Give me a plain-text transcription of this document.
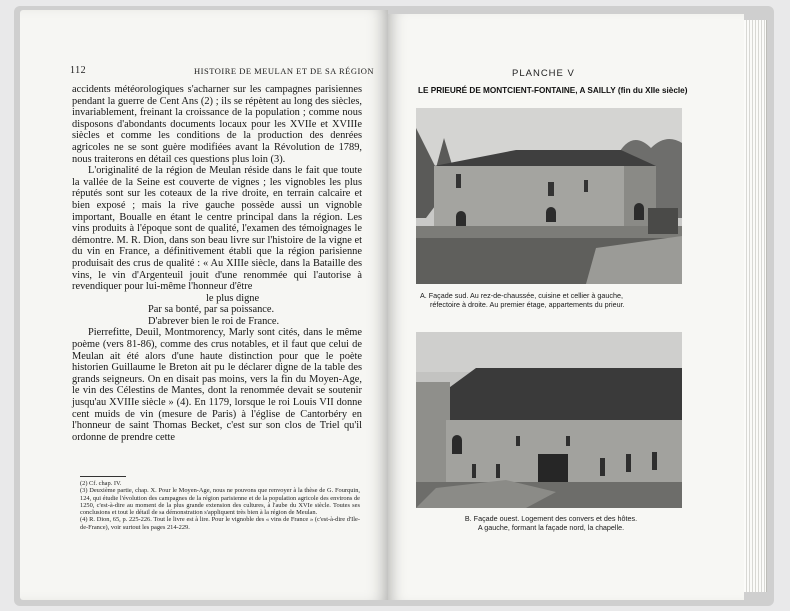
112	HISTOIRE DE MEULAN ET DE SA RÉGION

accidents météorologiques s'acharner sur les campagnes parisiennes pendant la guerre de Cent Ans (2) ; ils se répètent au long des siècles, invariablement, freinant la croissance de la population ; comme nous disposons d'abondants documents locaux pour les XVIIe et XVIIIe siècles et comme les conditions de la production des denrées agricoles ne se sont guère modifiées avant la Révolution de 1789, nous traiterons en détail ces questions plus loin (3).

L'originalité de la région de Meulan réside dans le fait que toute la vallée de la Seine est couverte de vignes ; les vignobles les plus réputés sont sur les coteaux de la rive droite, en terrain calcaire et bien exposé ; mais la rive gauche possède aussi un vignoble important, Boualle en étant le centre principal dans la région. Les vins produits à l'époque sont de qualité, l'examen des témoignages le démontre. M. R. Dion, dans son beau livre sur l'histoire de la vigne et du vin en France, a définitivement établi que la région parisienne produisait des crus de qualité : « Au XIIIe siècle, dans la Bataille des vins, le vin d'Argenteuil jouit d'une renommée qui l'autorise à revendiquer pour lui-même l'honneur d'être

le plus digne

Par sa bonté, par sa poissance.

D'abrever bien le roi de France.

Pierrefitte, Deuil, Montmorency, Marly sont cités, dans le même poème (vers 81-86), comme des crus notables, et il faut que celui de Meulan ait été alors d'une haute distinction pour que le poète historien Guillaume le Breton ait pu le déclarer digne de la table des grands seigneurs. On en disait pas moins, vers la fin du Moyen-Age, le vin des Célestins de Mantes, dont la renommée devait se soutenir jusqu'au XVIIIe siècle » (4). En 1179, lorsque le roi Louis VII donne cent muids de vin (mesure de Paris) à l'église de Cantorbéry en l'honneur de saint Thomas Becket, c'est sur son clos de Triel qu'il ordonne de prendre cette

(2) Cf. chap. IV.

(3) Deuxième partie, chap. X. Pour le Moyen-Age, nous ne pouvons que renvoyer à la thèse de G. Fourquin, 124, qui étudie l'évolution des campagnes de la région parisienne et de la population agricole des environs de 1250, c'est-à-dire au moment de la plus grande extension des cultures, à l'aube du XVIe siècle. Toutes ses conclusions et tout le détail de sa démonstration s'appliquent très bien à la région de Meulan.

(4) R. Dion, 65, p. 225-226. Tout le livre est à lire. Pour le vignoble des « vins de France » (c'est-à-dire d'Ile-de-France), voir surtout les pages 214-229.

PLANCHE V
LE PRIEURÉ DE MONTCIENT-FONTAINE, A SAILLY (fin du XIIe siècle)
A. Façade sud. Au rez-de-chaussée, cuisine et cellier à gauche,
réfectoire à droite. Au premier étage, appartements du prieur.
B. Façade ouest. Logement des convers et des hôtes.
A gauche, formant la façade nord, la chapelle.
